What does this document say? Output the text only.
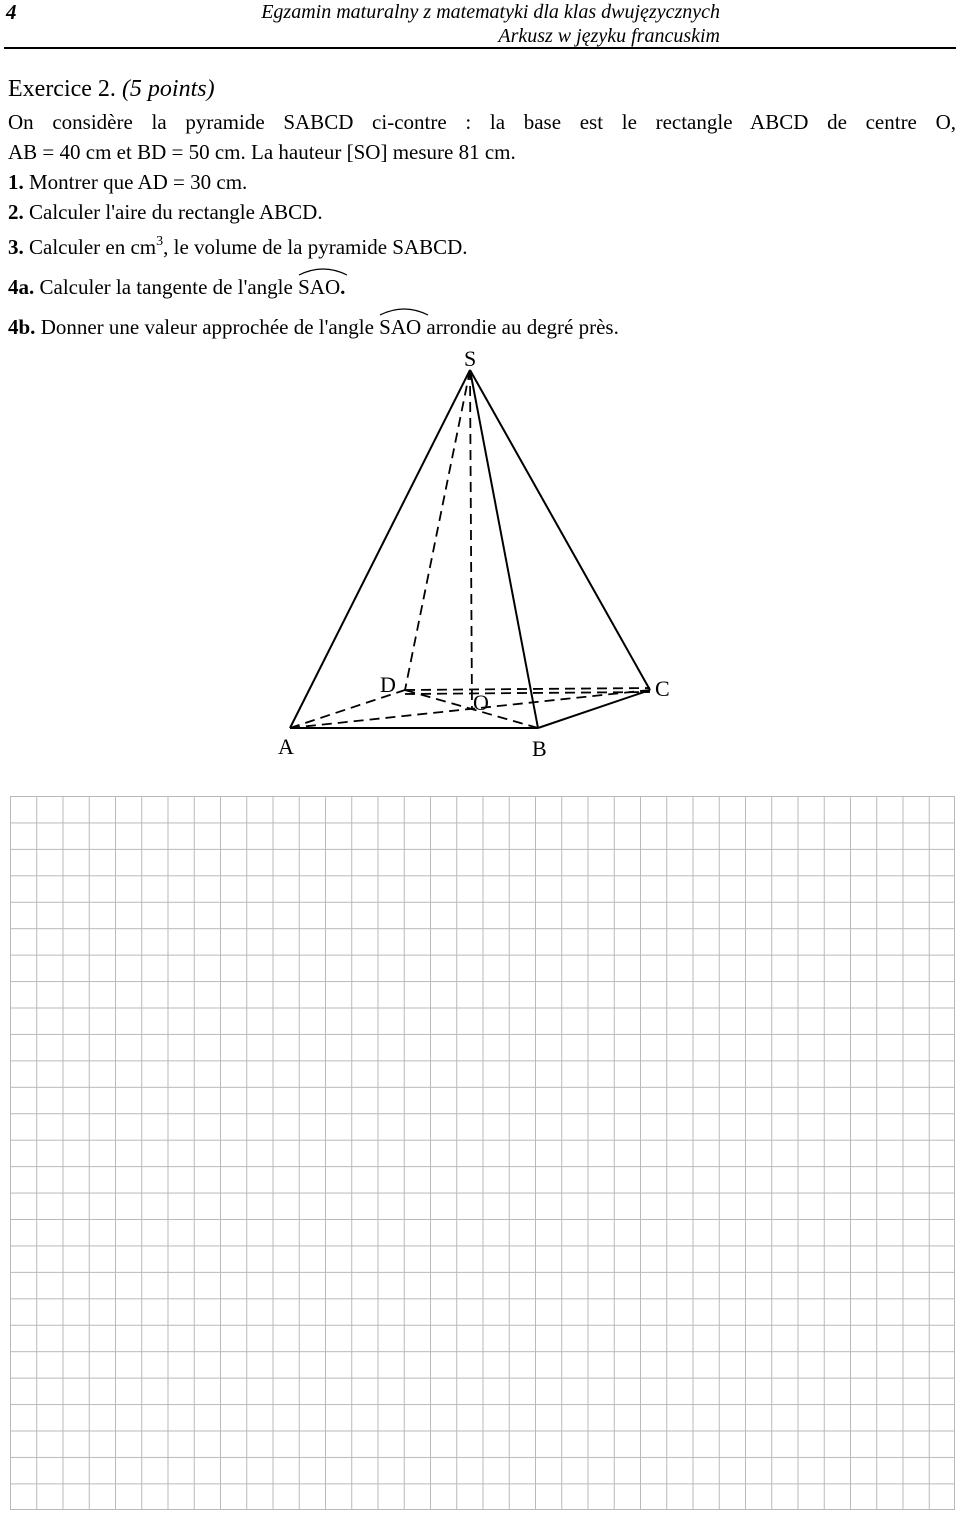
4	Egzamin maturalny z matematyki dla klas dwujęzycznych
Arkusz w języku francuskim
Exercice 2. (5 points)
On considère la pyramide SABCD ci-contre : la base est le rectangle ABCD de centre O,
AB = 40 cm et BD = 50 cm. La hauteur [SO] mesure 81 cm.
1. Montrer que AD = 30 cm.
2. Calculer l'aire du rectangle ABCD.
3. Calculer en $cm^3$, le volume de la pyramide SABCD.
4a. Calculer la tangente de l'angle SAO.
4b. Donner une valeur approchée de l'angle SAO arrondie au degré près.
S
A	B
C
D
O
